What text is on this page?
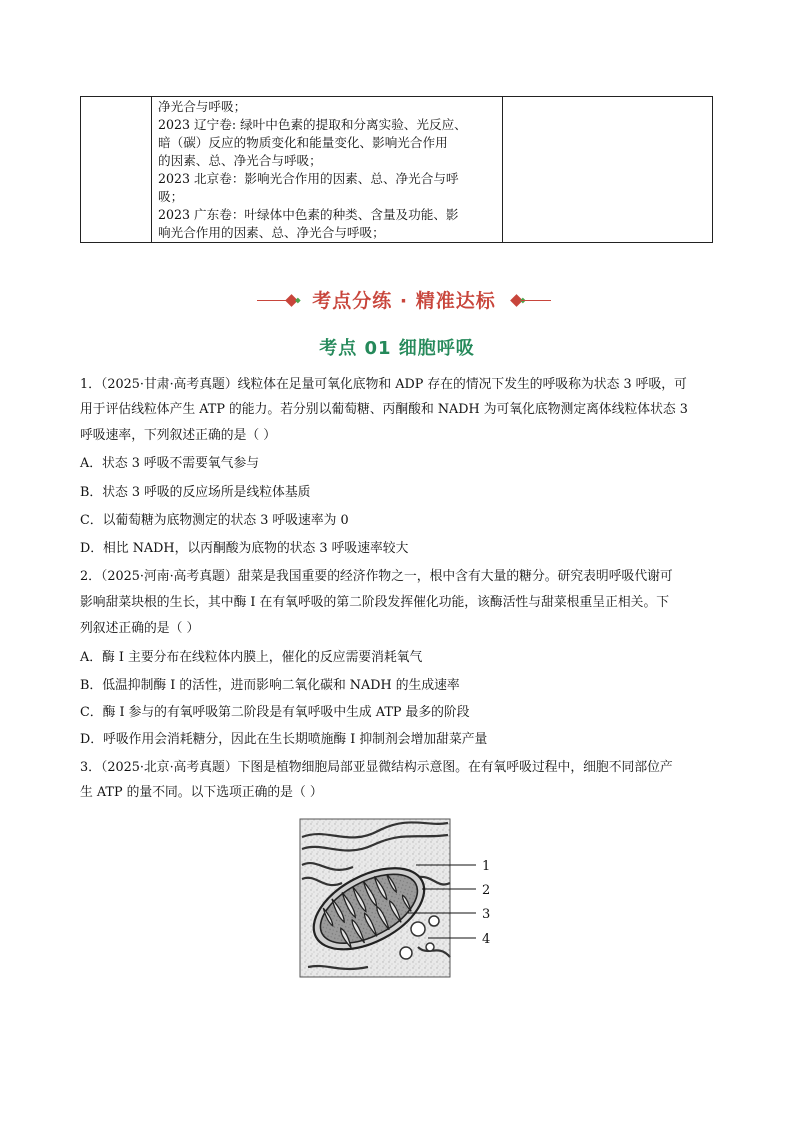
净光合与呼吸；
2023 辽宁卷: 绿叶中色素的提取和分离实验、光反应、
暗（碳）反应的物质变化和能量变化、影响光合作用
的因素、总、净光合与呼吸；
2023 北京卷：影响光合作用的因素、总、净光合与呼
吸；
2023 广东卷：叶绿体中色素的种类、含量及功能、影
响光合作用的因素、总、净光合与呼吸；

考点分练 · 精准达标
考点 01 细胞呼吸
1．（2025·甘肃·高考真题）线粒体在足量可氧化底物和 ADP 存在的情况下发生的呼吸称为状态 3 呼吸，可
用于评估线粒体产生 ATP 的能力。若分别以葡萄糖、丙酮酸和 NADH 为可氧化底物测定离体线粒体状态 3
呼吸速率，下列叙述正确的是（ ）
A．状态 3 呼吸不需要氧气参与
B．状态 3 呼吸的反应场所是线粒体基质
C．以葡萄糖为底物测定的状态 3 呼吸速率为 0
D．相比 NADH，以丙酮酸为底物的状态 3 呼吸速率较大
2．（2025·河南·高考真题）甜菜是我国重要的经济作物之一，根中含有大量的糖分。研究表明呼吸代谢可
影响甜菜块根的生长，其中酶 I 在有氧呼吸的第二阶段发挥催化功能，该酶活性与甜菜根重呈正相关。下
列叙述正确的是（ ）
A．酶 I 主要分布在线粒体内膜上，催化的反应需要消耗氧气
B．低温抑制酶 I 的活性，进而影响二氧化碳和 NADH 的生成速率
C．酶 I 参与的有氧呼吸第二阶段是有氧呼吸中生成 ATP 最多的阶段
D．呼吸作用会消耗糖分，因此在生长期喷施酶 I 抑制剂会增加甜菜产量
3．（2025·北京·高考真题）下图是植物细胞局部亚显微结构示意图。在有氧呼吸过程中，细胞不同部位产
生 ATP 的量不同。以下选项正确的是（ ）
1
2
3
4
